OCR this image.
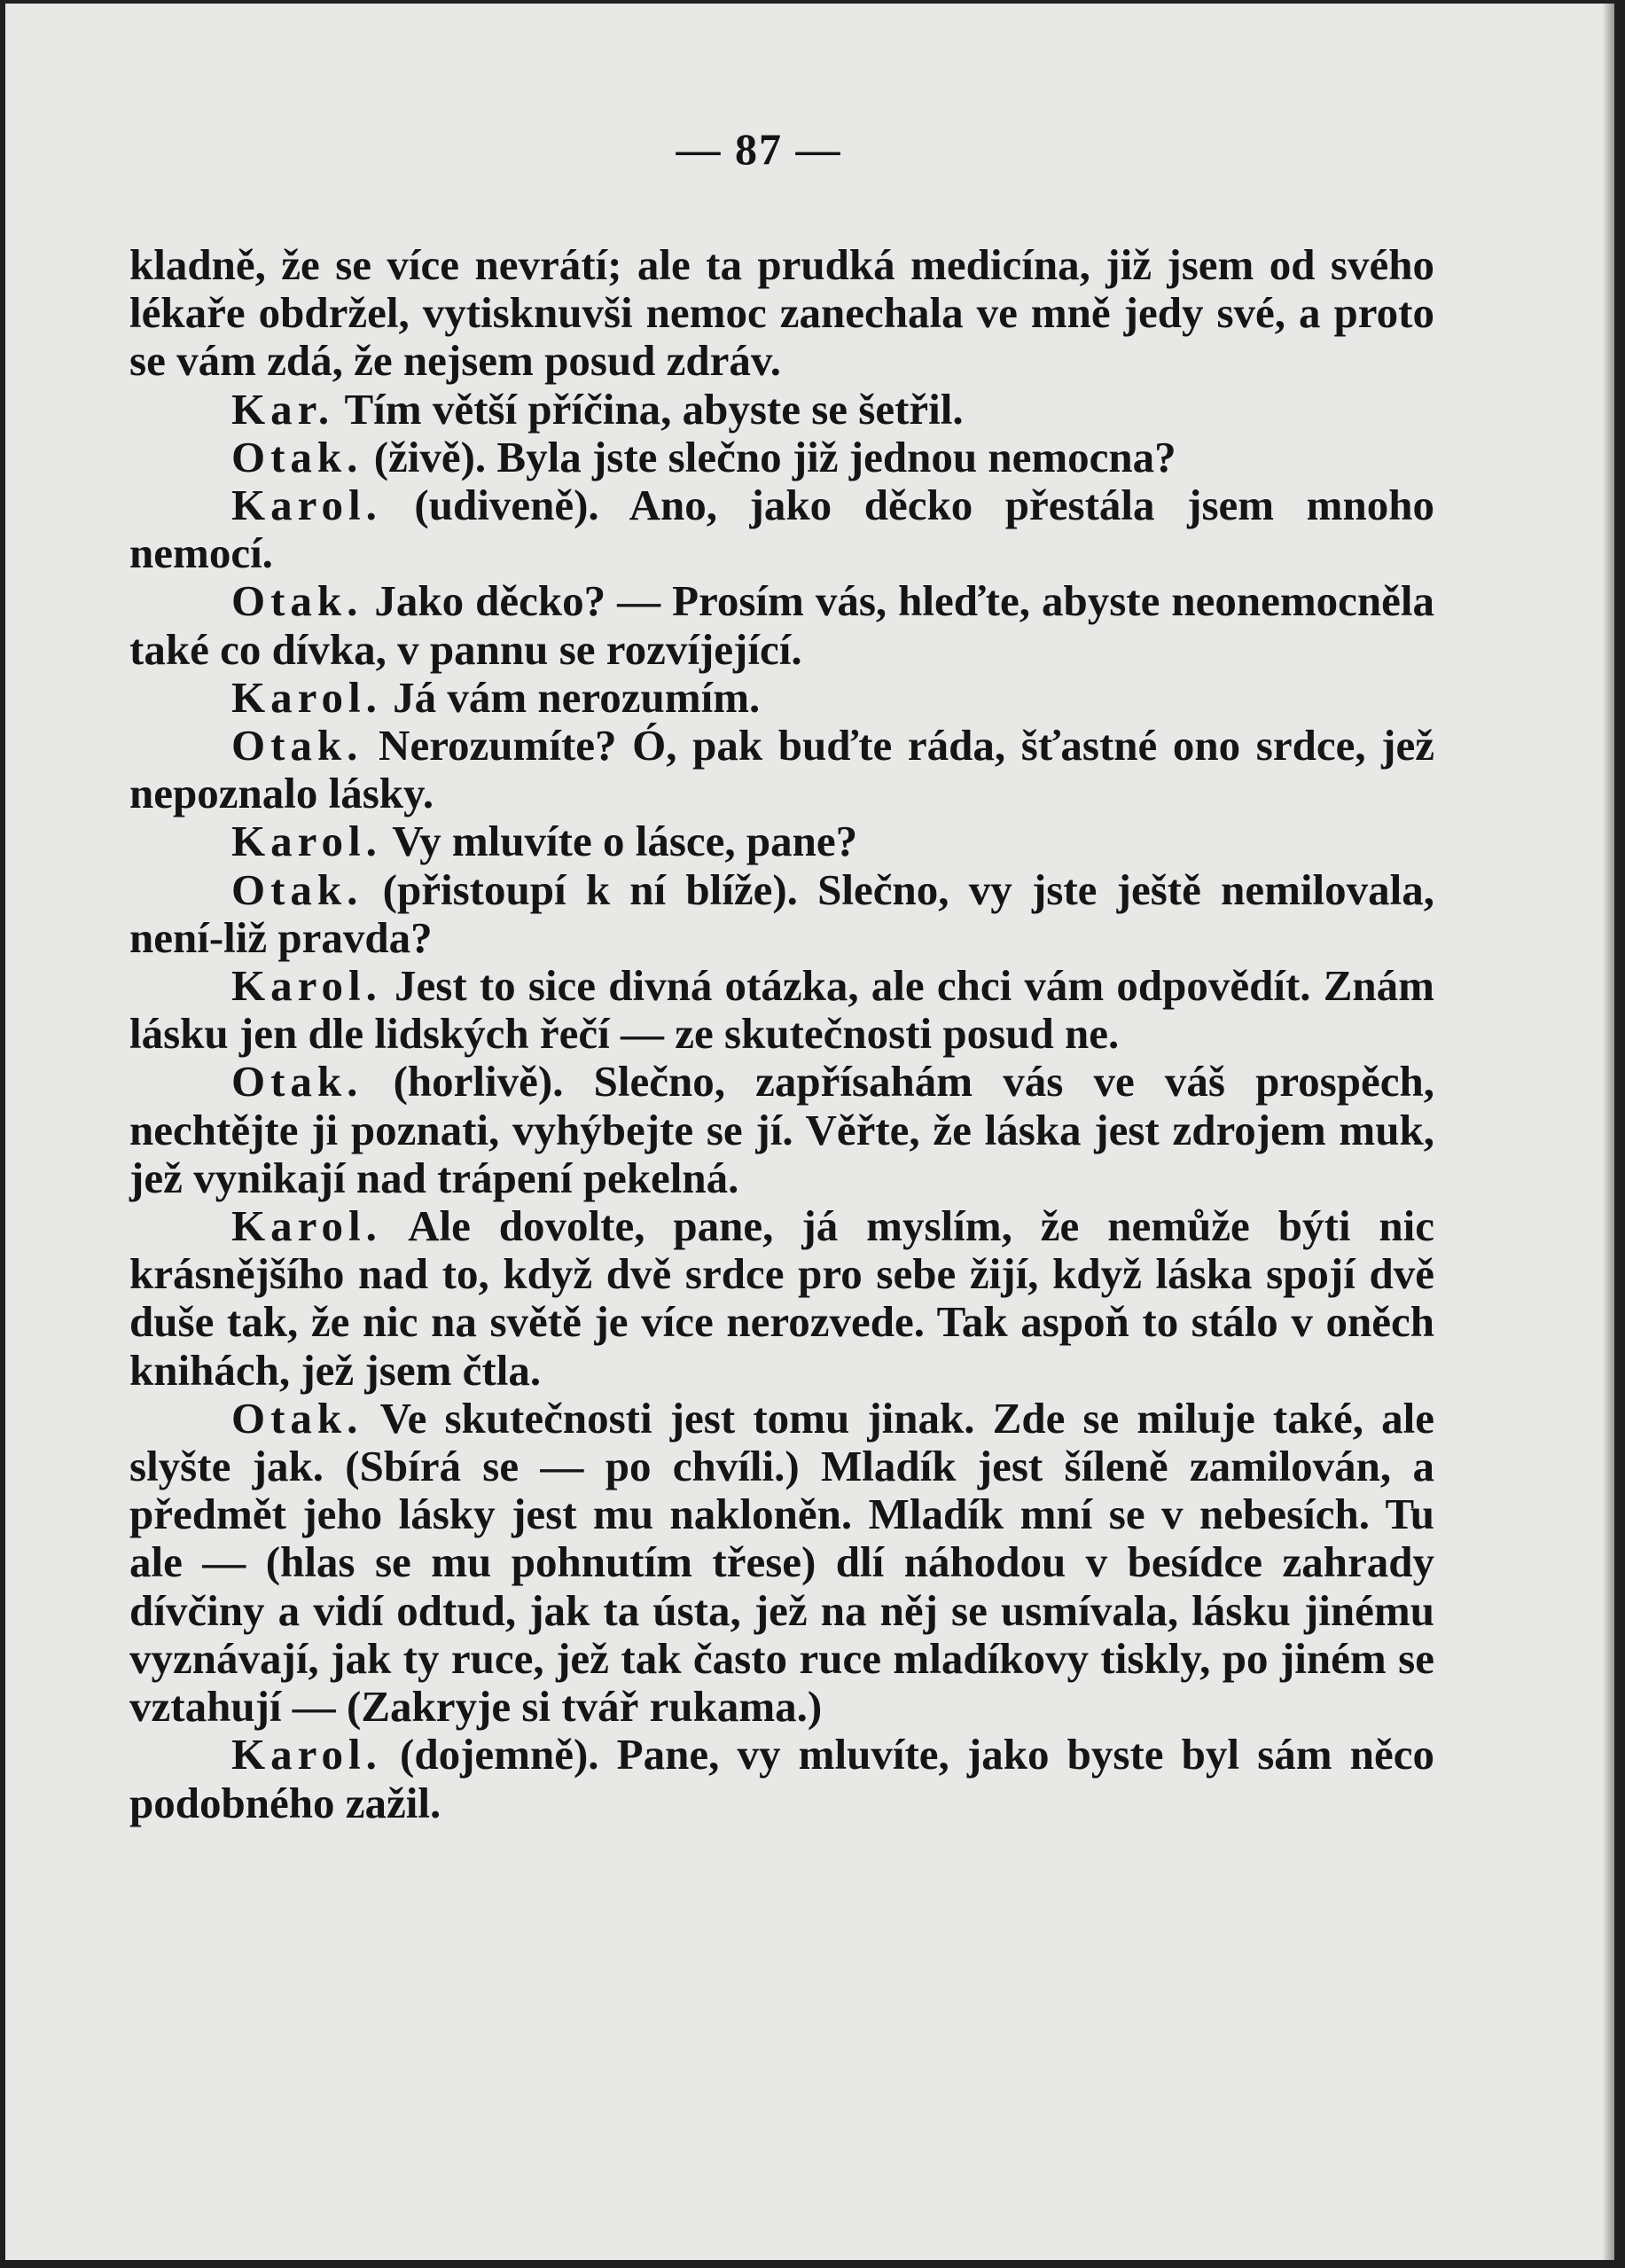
— 87 —

kladně, že se více nevrátí; ale ta prudká medicína, již jsem od svého lékaře obdržel, vytisknuvši nemoc zanechala ve mně jedy své, a proto se vám zdá, že nejsem posud zdráv.

Kar. Tím větší příčina, abyste se šetřil.

Otak. (živě). Byla jste slečno již jednou nemocna?

Karol. (udiveně). Ano, jako děcko přestála jsem mnoho nemocí.

Otak. Jako děcko? — Prosím vás, hleďte, abyste neonemocněla také co dívka, v pannu se rozvíjející.

Karol. Já vám nerozumím.

Otak. Nerozumíte? Ó, pak buďte ráda, šťastné ono srdce, jež nepoznalo lásky.

Karol. Vy mluvíte o lásce, pane?

Otak. (přistoupí k ní blíže). Slečno, vy jste ještě nemilovala, není-liž pravda?

Karol. Jest to sice divná otázka, ale chci vám odpovědít. Znám lásku jen dle lidských řečí — ze skutečnosti posud ne.

Otak. (horlivě). Slečno, zapřísahám vás ve váš prospěch, nechtějte ji poznati, vyhýbejte se jí. Věřte, že láska jest zdrojem muk, jež vynikají nad trápení pekelná.

Karol. Ale dovolte, pane, já myslím, že nemůže býti nic krásnějšího nad to, když dvě srdce pro sebe žijí, když láska spojí dvě duše tak, že nic na světě je více nerozvede. Tak aspoň to stálo v oněch knihách, jež jsem čtla.

Otak. Ve skutečnosti jest tomu jinak. Zde se miluje také, ale slyšte jak. (Sbírá se — po chvíli.) Mladík jest šíleně zamilován, a předmět jeho lásky jest mu nakloněn. Mladík mní se v nebesích. Tu ale — (hlas se mu pohnutím třese) dlí náhodou v besídce zahrady dívčiny a vidí odtud, jak ta ústa, jež na něj se usmívala, lásku jinému vyznávají, jak ty ruce, jež tak často ruce mladíkovy tiskly, po jiném se vztahují — (Zakryje si tvář rukama.)

Karol. (dojemně). Pane, vy mluvíte, jako byste byl sám něco podobného zažil.
